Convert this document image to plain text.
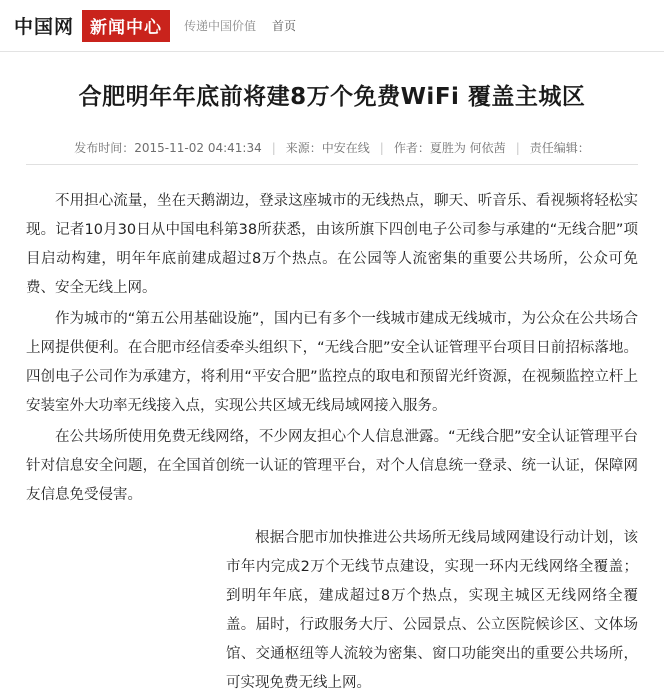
中国网 新闻中心	传递中国价值 首页
合肥明年年底前将建8万个免费WiFi 覆盖主城区
发布时间： 2015-11-02 04:41:34 | 来源： 中安在线 | 作者： 夏胜为 何依茜 | 责任编辑：

不用担心流量，坐在天鹅湖边，登录这座城市的无线热点，聊天、听音乐、看视频将轻松实现。记者10月30日从中国电科第38所获悉，由该所旗下四创电子公司参与承建的“无线合肥”项目启动构建，明年年底前建成超过8万个热点。在公园等人流密集的重要公共场所，公众可免费、安全无线上网。

作为城市的“第五公用基础设施”，国内已有多个一线城市建成无线城市，为公众在公共场合上网提供便利。在合肥市经信委牵头组织下，“无线合肥”安全认证管理平台项目日前招标落地。四创电子公司作为承建方，将利用“平安合肥”监控点的取电和预留光纤资源，在视频监控立杆上安装室外大功率无线接入点，实现公共区域无线局域网接入服务。

在公共场所使用免费无线网络，不少网友担心个人信息泄露。“无线合肥”安全认证管理平台针对信息安全问题，在全国首创统一认证的管理平台，对个人信息统一登录、统一认证，保障网友信息免受侵害。

根据合肥市加快推进公共场所无线局域网建设行动计划，该市年内完成2万个无线节点建设，实现一环内无线网络全覆盖；到明年年底，建成超过8万个热点，实现主城区无线网络全覆盖。届时，行政服务大厅、公园景点、公立医院候诊区、文体场馆、交通枢纽等人流较为密集、窗口功能突出的重要公共场所，可实现免费无线上网。
